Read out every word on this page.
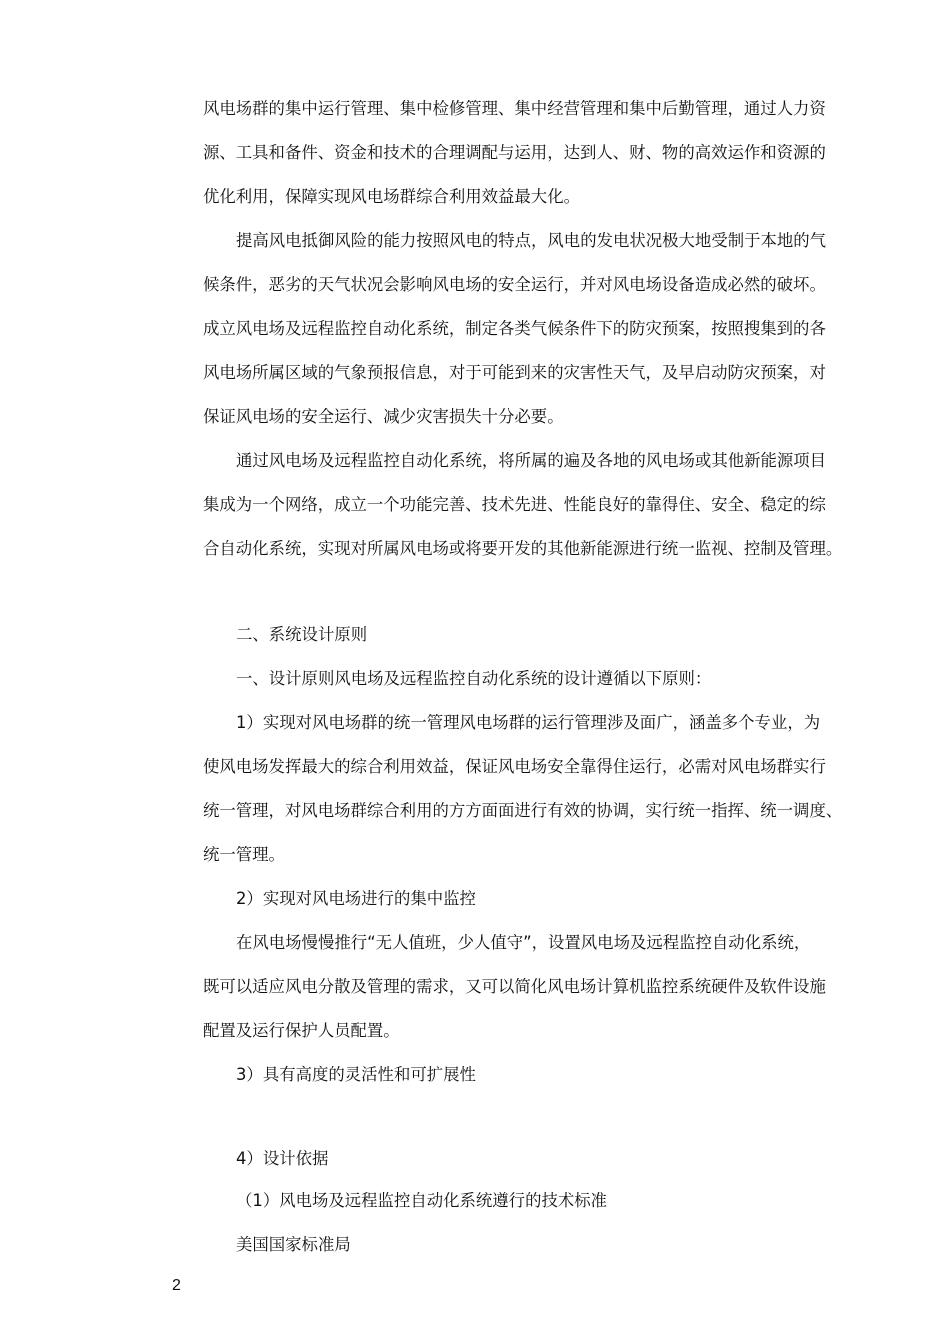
风电场群的集中运行管理、集中检修管理、集中经营管理和集中后勤管理，通过人力资
源、工具和备件、资金和技术的合理调配与运用，达到人、财、物的高效运作和资源的
优化利用，保障实现风电场群综合利用效益最大化。
提高风电抵御风险的能力按照风电的特点，风电的发电状况极大地受制于本地的气
候条件，恶劣的天气状况会影响风电场的安全运行，并对风电场设备造成必然的破坏。
成立风电场及远程监控自动化系统，制定各类气候条件下的防灾预案，按照搜集到的各
风电场所属区域的气象预报信息，对于可能到来的灾害性天气，及早启动防灾预案，对
保证风电场的安全运行、减少灾害损失十分必要。
通过风电场及远程监控自动化系统，将所属的遍及各地的风电场或其他新能源项目
集成为一个网络，成立一个功能完善、技术先进、性能良好的靠得住、安全、稳定的综
合自动化系统，实现对所属风电场或将要开发的其他新能源进行统一监视、控制及管理。
二、系统设计原则
一、设计原则风电场及远程监控自动化系统的设计遵循以下原则：
1）实现对风电场群的统一管理风电场群的运行管理涉及面广，涵盖多个专业，为
使风电场发挥最大的综合利用效益，保证风电场安全靠得住运行，必需对风电场群实行
统一管理，对风电场群综合利用的方方面面进行有效的协调，实行统一指挥、统一调度、
统一管理。
2）实现对风电场进行的集中监控
在风电场慢慢推行“无人值班，少人值守”，设置风电场及远程监控自动化系统，
既可以适应风电分散及管理的需求，又可以简化风电场计算机监控系统硬件及软件设施
配置及运行保护人员配置。
3）具有高度的灵活性和可扩展性
4）设计依据
（1）风电场及远程监控自动化系统遵行的技术标准
美国国家标准局
2
